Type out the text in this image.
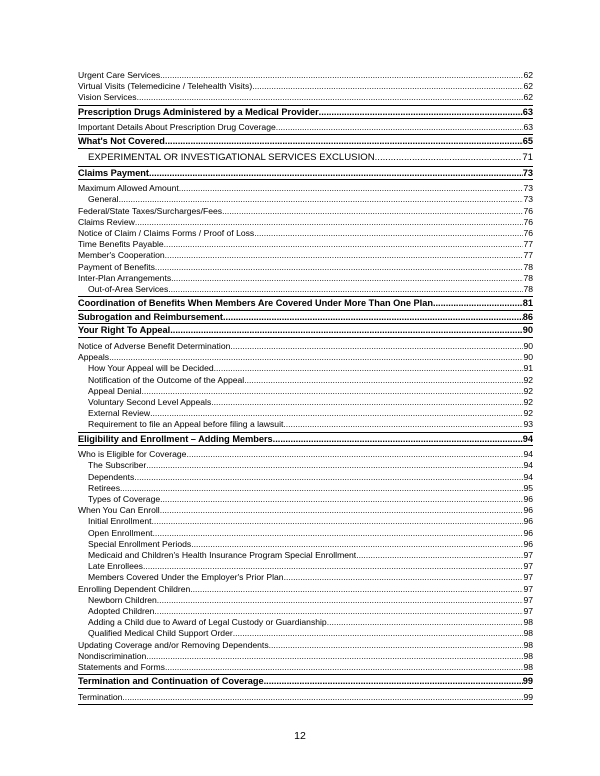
Urgent Care Services .....	62
Virtual Visits (Telemedicine / Telehealth Visits) .....	62
Vision Services .....	62
Prescription Drugs Administered by a Medical Provider .....	63
Important Details About Prescription Drug Coverage .....	63
What's Not Covered .....	65
EXPERIMENTAL OR INVESTIGATIONAL SERVICES EXCLUSION .....	71
Claims Payment .....	73
Maximum Allowed Amount .....	73
General .....	73
Federal/State Taxes/Surcharges/Fees .....	76
Claims Review .....	76
Notice of Claim / Claims Forms / Proof of Loss .....	76
Time Benefits Payable .....	77
Member's Cooperation .....	77
Payment of Benefits .....	78
Inter-Plan Arrangements .....	78
Out-of-Area Services .....	78
Coordination of Benefits When Members Are Covered Under More Than One Plan .....	81
Subrogation and Reimbursement .....	86
Your Right To Appeal .....	90
Notice of Adverse Benefit Determination .....	90
Appeals .....	90
How Your Appeal will be Decided .....	91
Notification of the Outcome of the Appeal .....	92
Appeal Denial .....	92
Voluntary Second Level Appeals .....	92
External Review .....	92
Requirement to file an Appeal before filing a lawsuit .....	93
Eligibility and Enrollment – Adding Members .....	94
Who is Eligible for Coverage .....	94
The Subscriber .....	94
Dependents .....	94
Retirees .....	95
Types of Coverage .....	96
When You Can Enroll .....	96
Initial Enrollment .....	96
Open Enrollment .....	96
Special Enrollment Periods .....	96
Medicaid and Children's Health Insurance Program Special Enrollment .....	97
Late Enrollees .....	97
Members Covered Under the Employer's Prior Plan .....	97
Enrolling Dependent Children .....	97
Newborn Children .....	97
Adopted Children .....	97
Adding a Child due to Award of Legal Custody or Guardianship .....	98
Qualified Medical Child Support Order .....	98
Updating Coverage and/or Removing Dependents .....	98
Nondiscrimination .....	98
Statements and Forms .....	98
Termination and Continuation of Coverage .....	99
Termination .....	99
12
